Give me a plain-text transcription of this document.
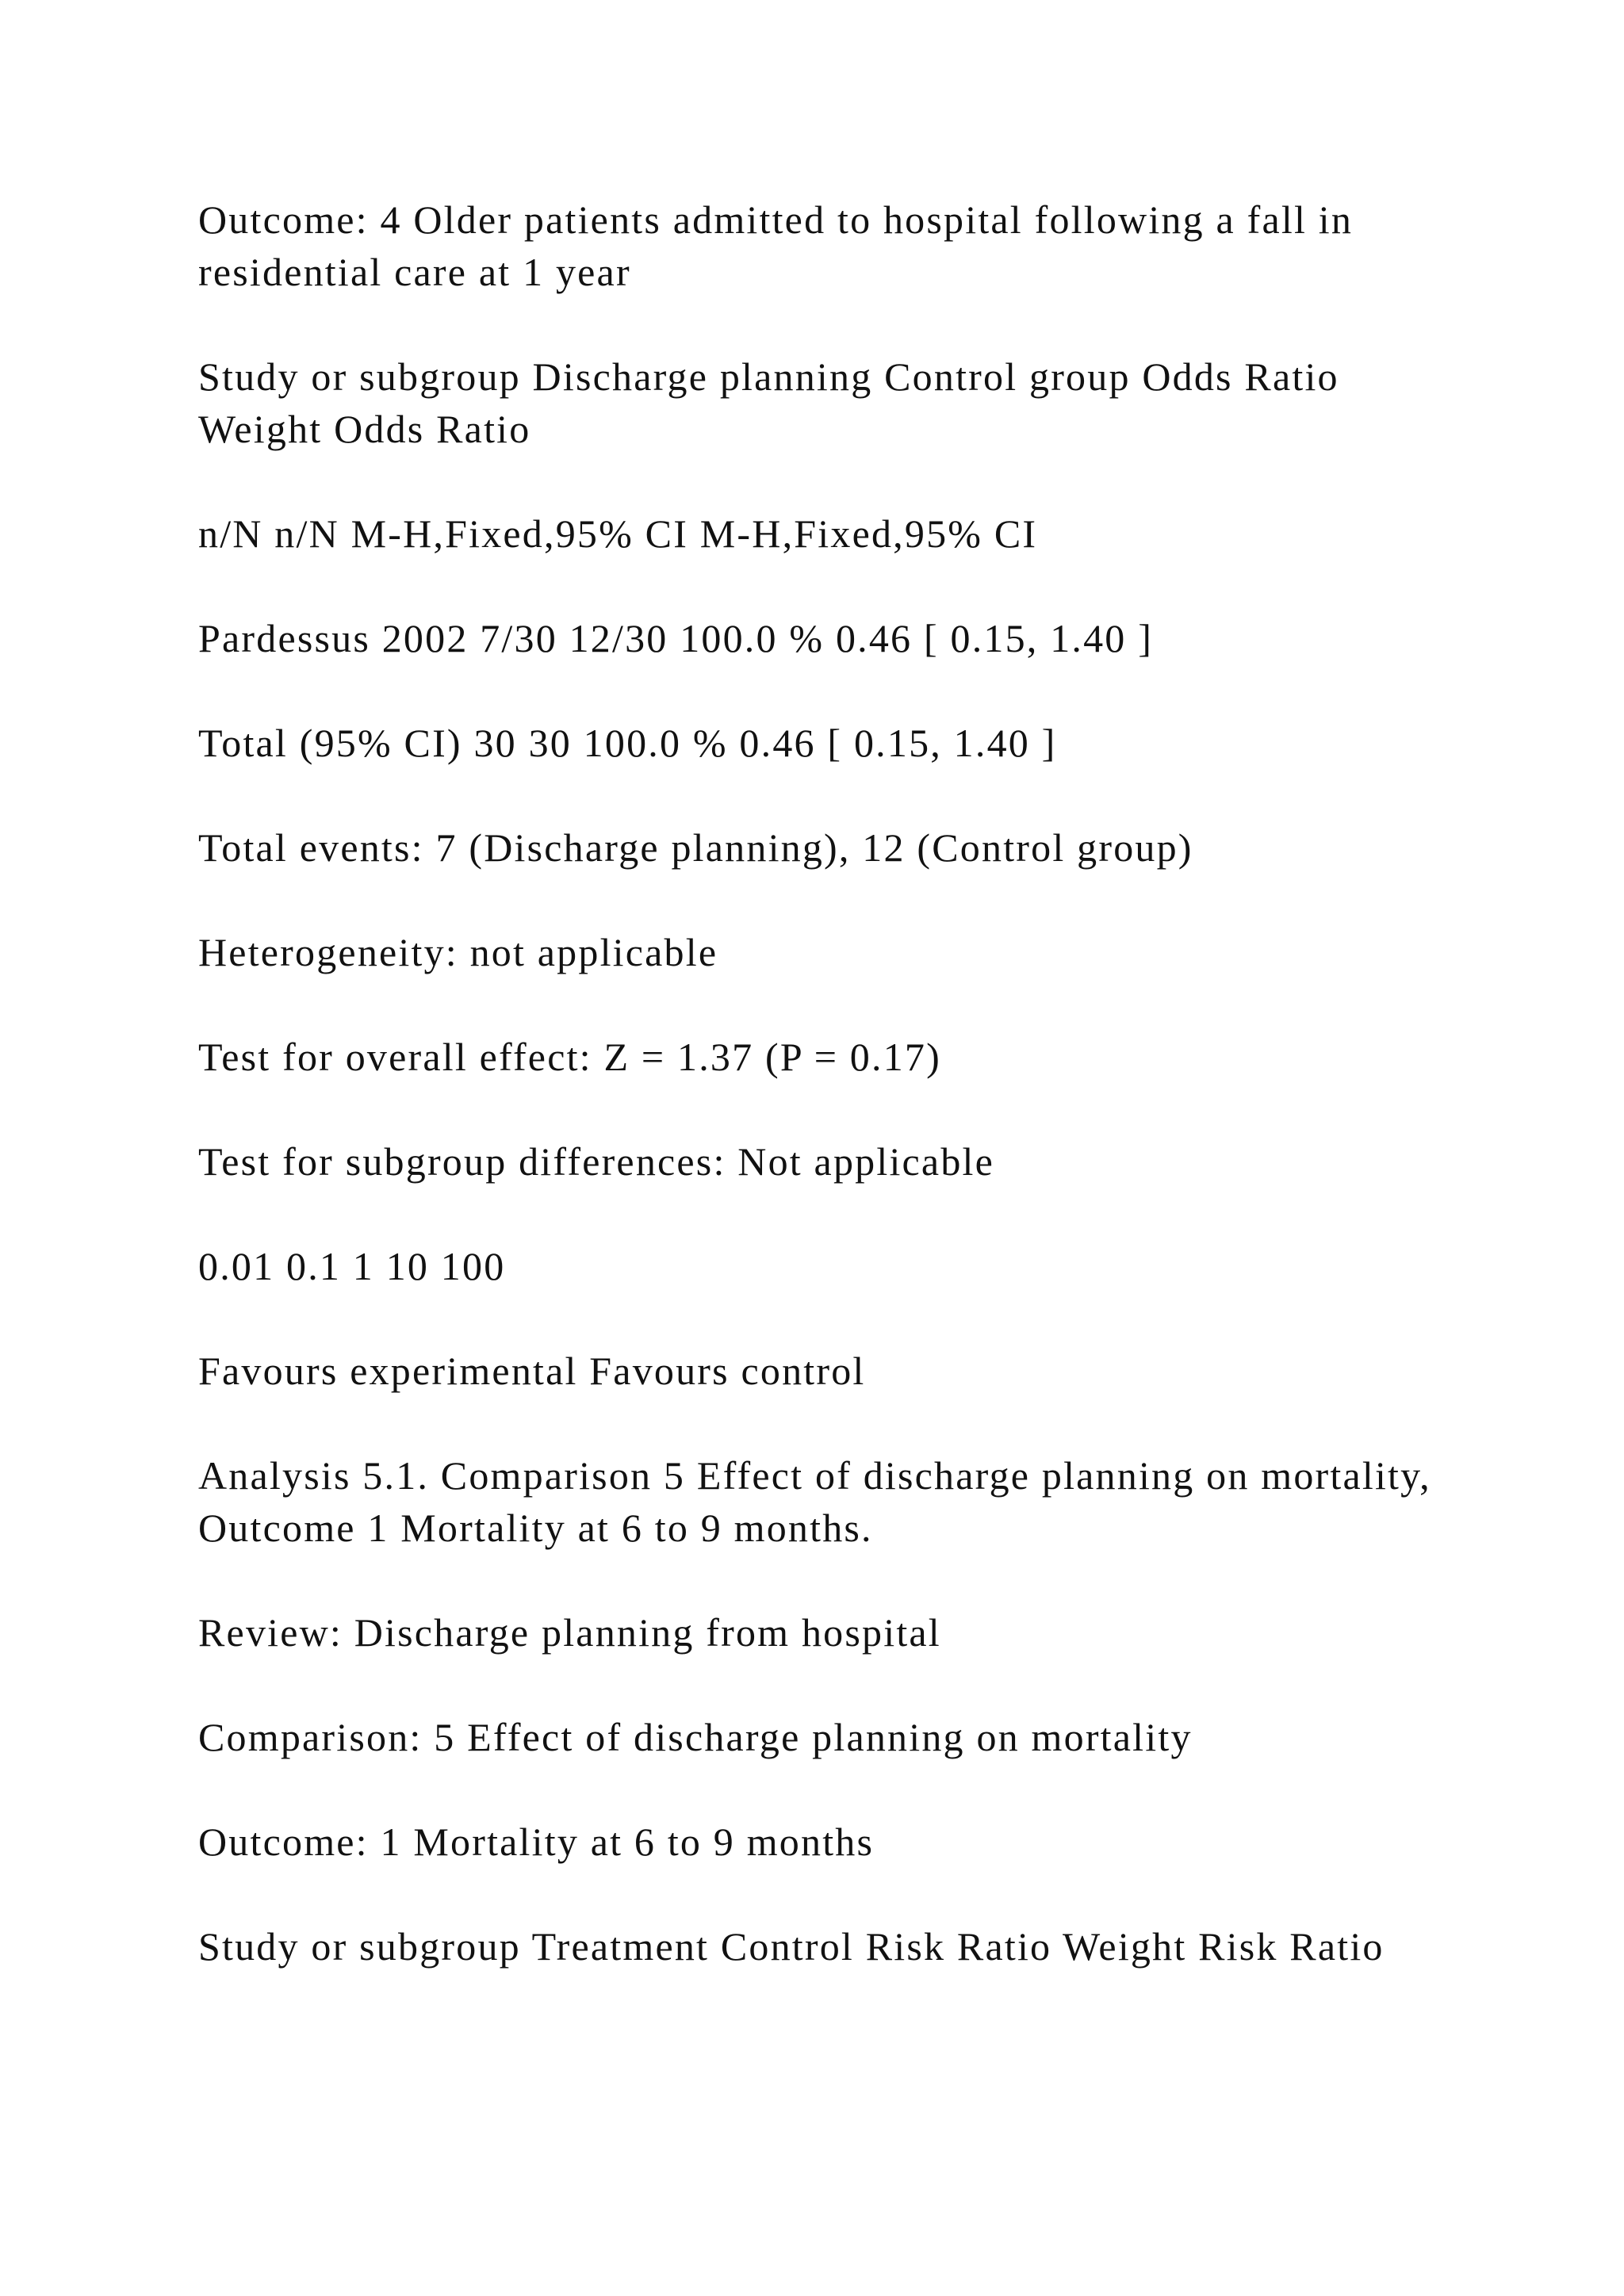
Outcome: 4 Older patients admitted to hospital following a fall in residential care at 1 year

Study or subgroup Discharge planning Control group Odds Ratio Weight Odds Ratio

n/N n/N M-H,Fixed,95% CI M-H,Fixed,95% CI

Pardessus 2002 7/30 12/30 100.0 % 0.46 [ 0.15, 1.40 ]

Total (95% CI) 30 30 100.0 % 0.46 [ 0.15, 1.40 ]

Total events: 7 (Discharge planning), 12 (Control group)

Heterogeneity: not applicable

Test for overall effect: Z = 1.37 (P = 0.17)

Test for subgroup differences: Not applicable

0.01 0.1 1 10 100

Favours experimental Favours control

Analysis 5.1. Comparison 5 Effect of discharge planning on mortality, Outcome 1 Mortality at 6 to 9 months.

Review: Discharge planning from hospital

Comparison: 5 Effect of discharge planning on mortality

Outcome: 1 Mortality at 6 to 9 months

Study or subgroup Treatment Control Risk Ratio Weight Risk Ratio
